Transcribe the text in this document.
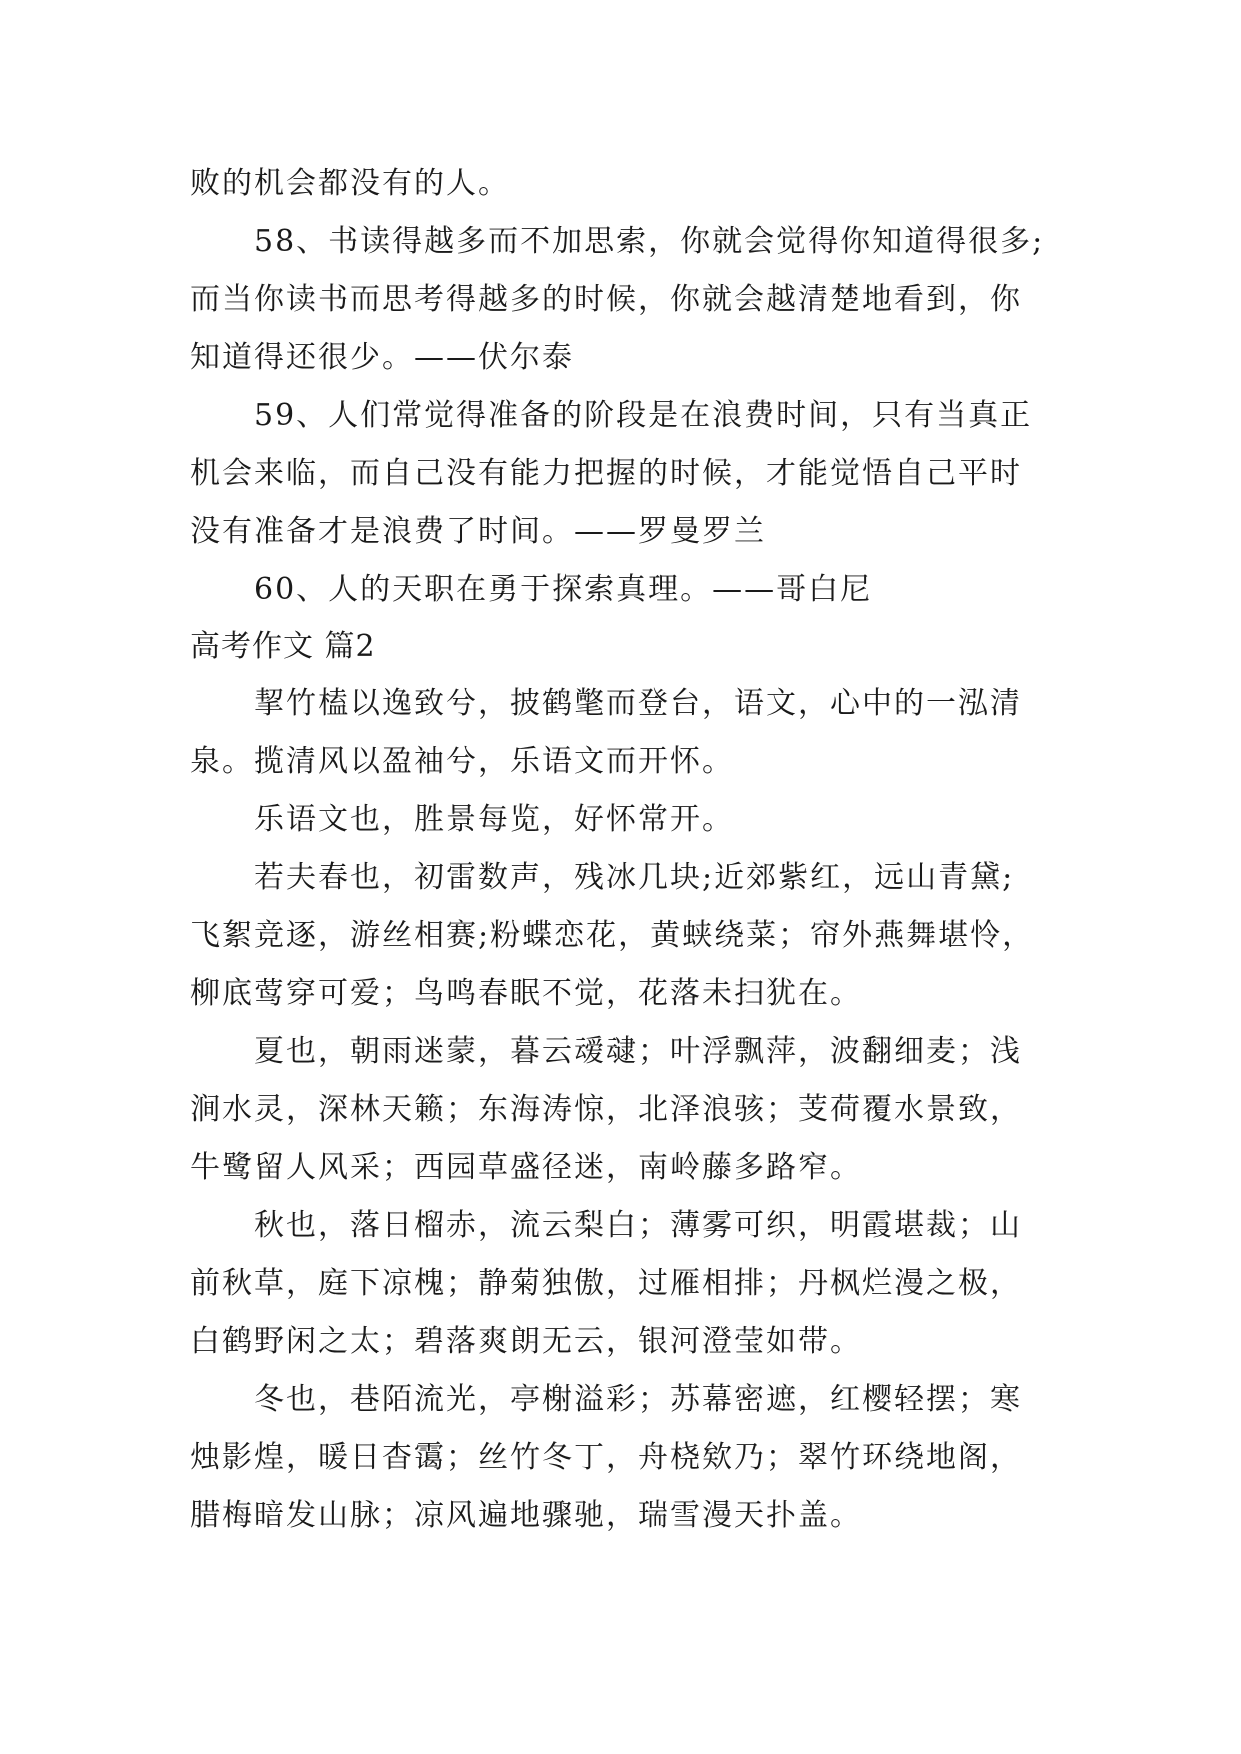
败的机会都没有的人。
58、书读得越多而不加思索，你就会觉得你知道得很多;
而当你读书而思考得越多的时候，你就会越清楚地看到，你
知道得还很少。——伏尔泰
59、人们常觉得准备的阶段是在浪费时间，只有当真正
机会来临，而自己没有能力把握的时候，才能觉悟自己平时
没有准备才是浪费了时间。——罗曼罗兰
60、人的天职在勇于探索真理。——哥白尼
高考作文 篇2
挈竹榼以逸致兮，披鹤氅而登台，语文，心中的一泓清
泉。揽清风以盈袖兮，乐语文而开怀。
乐语文也，胜景每览，好怀常开。
若夫春也，初雷数声，残冰几块;近郊紫红，远山青黛;
飞絮竞逐，游丝相赛;粉蝶恋花，黄蛱绕菜；帘外燕舞堪怜，
柳底莺穿可爱；鸟鸣春眠不觉，花落未扫犹在。
夏也，朝雨迷蒙，暮云叆叇；叶浮飘萍，波翻细麦；浅
涧水灵，深林天籁；东海涛惊，北泽浪骇；芰荷覆水景致，
牛鹭留人风采；西园草盛径迷，南岭藤多路窄。
秋也，落日榴赤，流云梨白；薄雾可织，明霞堪裁；山
前秋草，庭下凉槐；静菊独傲，过雁相排；丹枫烂漫之极，
白鹤野闲之太；碧落爽朗无云，银河澄莹如带。
冬也，巷陌流光，亭榭溢彩；苏幕密遮，红樱轻摆；寒
烛影煌，暖日杳霭；丝竹冬丁，舟桡欸乃；翠竹环绕地阁，
腊梅暗发山脉；凉风遍地骤驰，瑞雪漫天扑盖。
